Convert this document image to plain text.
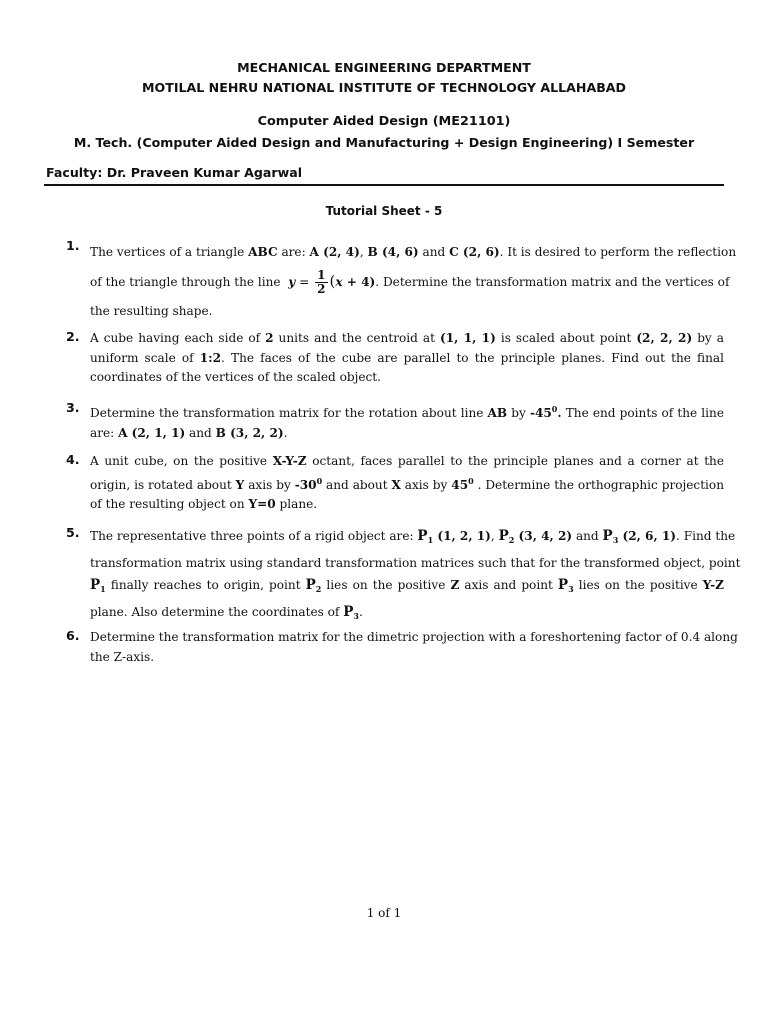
MECHANICAL ENGINEERING DEPARTMENT
MOTILAL NEHRU NATIONAL INSTITUTE OF TECHNOLOGY ALLAHABAD
Computer Aided Design (ME21101)
M. Tech. (Computer Aided Design and Manufacturing + Design Engineering) I Semester
Faculty: Dr. Praveen Kumar Agarwal
Tutorial Sheet - 5
1. The vertices of a triangle ABC are: A (2, 4), B (4, 6) and C (2, 6). It is desired to perform the reflection
of the triangle through the line $y = \frac{1}{2} (x + 4)$. Determine the transformation matrix and the vertices of
the resulting shape.
2. A cube having each side of 2 units and the centroid at (1, 1, 1) is scaled about point (2, 2, 2) by a
uniform scale of 1:2. The faces of the cube are parallel to the principle planes. Find out the final
coordinates of the vertices of the scaled object.
3. Determine the transformation matrix for the rotation about line AB by $-45^0$. The end points of the line
are: A (2, 1, 1) and B (3, 2, 2).
4. A unit cube, on the positive X-Y-Z octant, faces parallel to the principle planes and a corner at the
origin, is rotated about Y axis by $-30^0$ and about X axis by $45^0$ . Determine the orthographic projection
of the resulting object on Y=0 plane.
5. The representative three points of a rigid object are: $P_1$ (1, 2, 1), $P_2$ (3, 4, 2) and $P_3$ (2, 6, 1). Find the
transformation matrix using standard transformation matrices such that for the transformed object, point
$P_1$ finally reaches to origin, point $P_2$ lies on the positive Z axis and point $P_3$ lies on the positive Y-Z
plane. Also determine the coordinates of $P_3$.
6. Determine the transformation matrix for the dimetric projection with a foreshortening factor of 0.4 along
the Z-axis.
1 of 1
